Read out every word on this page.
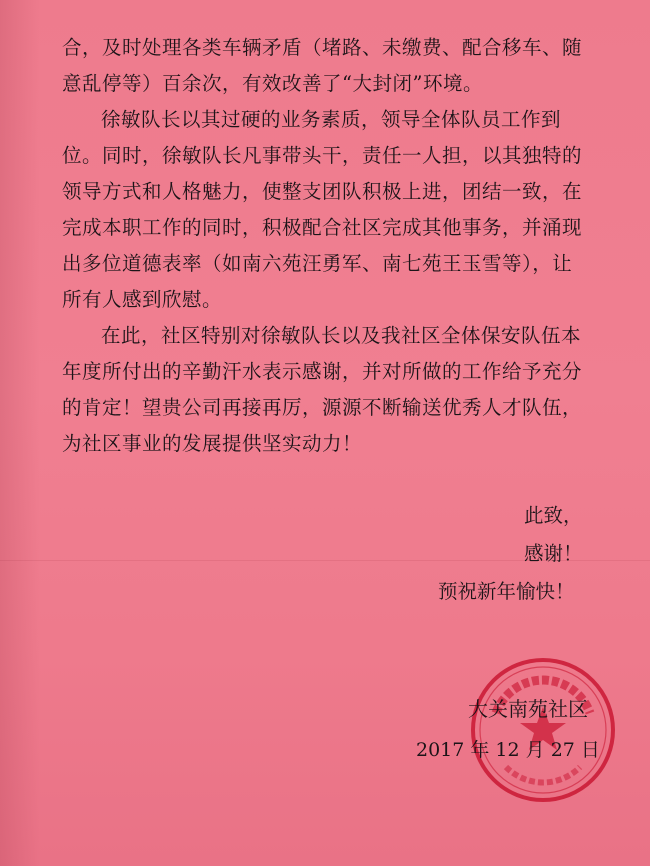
合，及时处理各类车辆矛盾（堵路、未缴费、配合移车、随
意乱停等）百余次，有效改善了“大封闭”环境。

徐敏队长以其过硬的业务素质，领导全体队员工作到
位。同时，徐敏队长凡事带头干，责任一人担，以其独特的
领导方式和人格魅力，使整支团队积极上进，团结一致，在
完成本职工作的同时，积极配合社区完成其他事务，并涌现
出多位道德表率（如南六苑汪勇军、南七苑王玉雪等），让
所有人感到欣慰。

在此，社区特别对徐敏队长以及我社区全体保安队伍本
年度所付出的辛勤汗水表示感谢，并对所做的工作给予充分
的肯定！望贵公司再接再厉，源源不断输送优秀人才队伍，
为社区事业的发展提供坚实动力！

此致，
感谢！
预祝新年愉快！
大关南苑社区
2017 年 12 月 27 日
